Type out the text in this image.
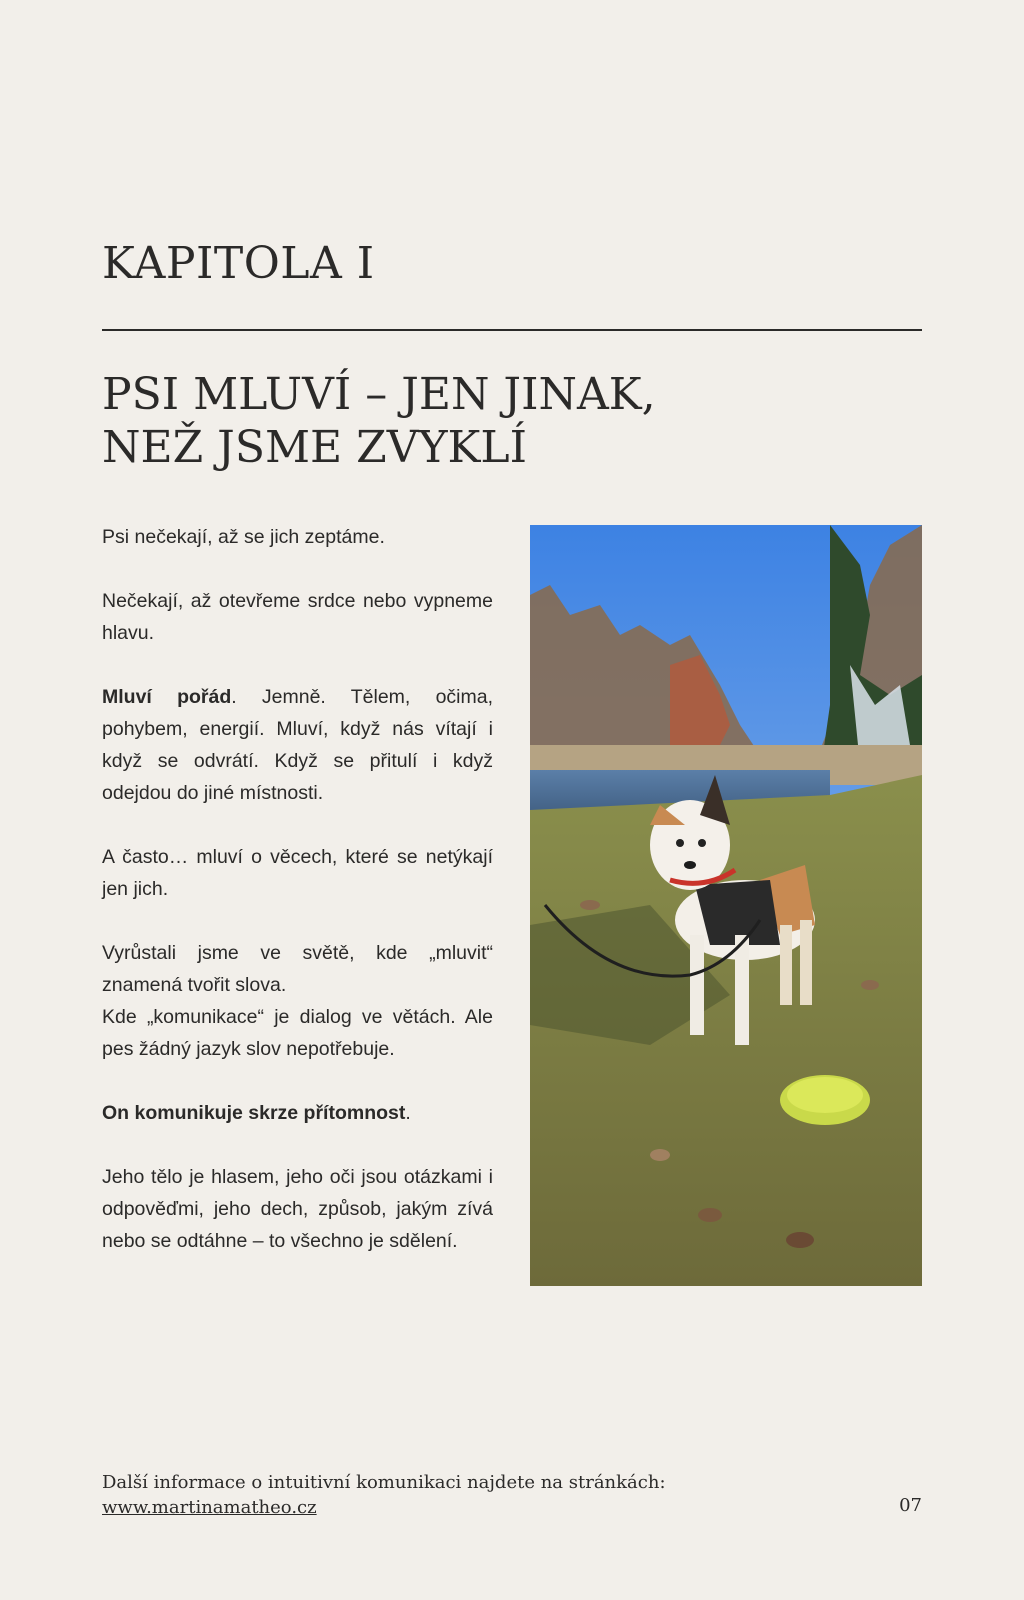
KAPITOLA I
PSI MLUVÍ – JEN JINAK,
NEŽ JSME ZVYKLÍ

Psi nečekají, až se jich zeptáme.

Nečekají, až otevřeme srdce nebo vypneme hlavu.

Mluví pořád. Jemně. Tělem, očima, pohybem, energií. Mluví, když nás vítají i když se odvrátí. Když se přitulí i když odejdou do jiné místnosti.

A často… mluví o věcech, které se netýkají jen jich.

Vyrůstali jsme ve světě, kde „mluvit“ znamená tvořit slova.

Kde „komunikace“ je dialog ve větách. Ale pes žádný jazyk slov nepotřebuje.

On komunikuje skrze přítomnost.

Jeho tělo je hlasem, jeho oči jsou otázkami i odpověďmi, jeho dech, způsob, jakým zívá nebo se odtáhne – to všechno je sdělení.

Další informace o intuitivní komunikaci najdete na stránkách:
www.martinamatheo.cz	07
